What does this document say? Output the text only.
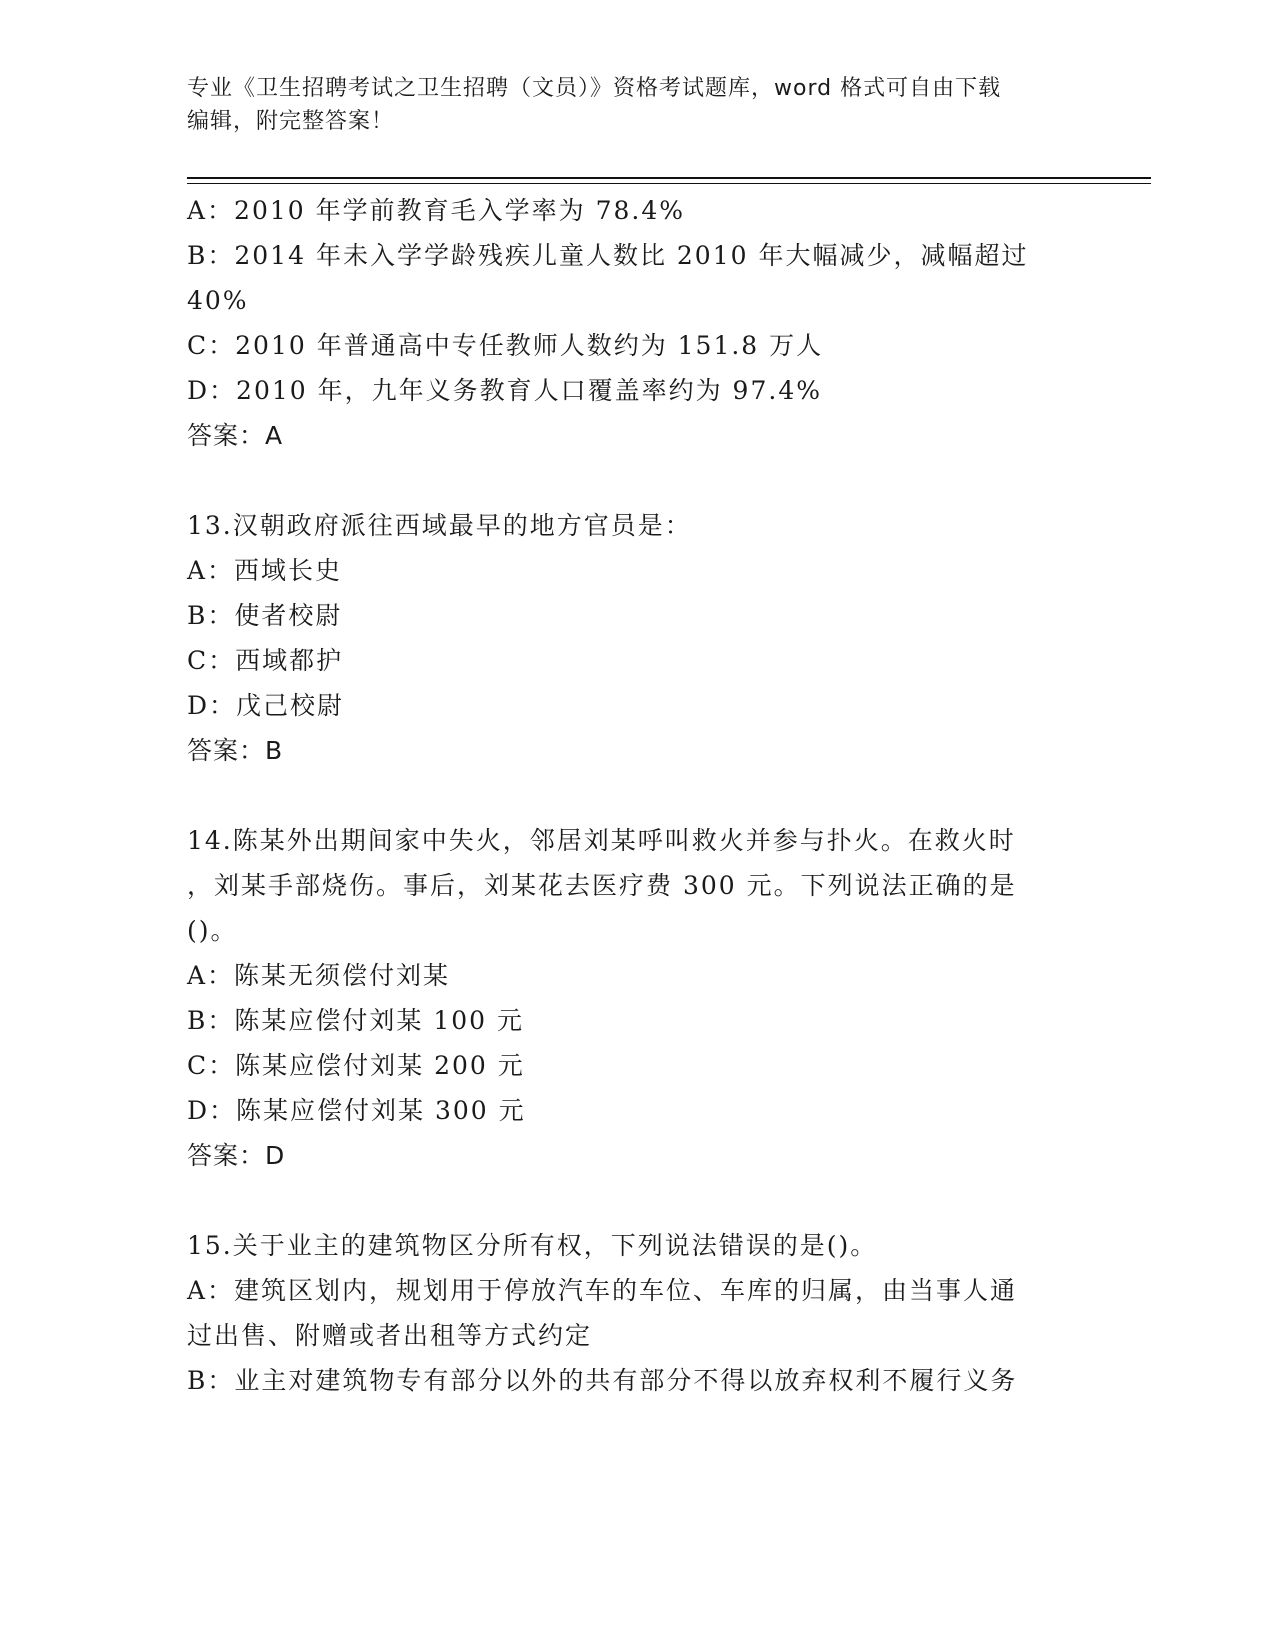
专业《卫生招聘考试之卫生招聘（文员）》资格考试题库，word 格式可自由下载
编辑，附完整答案！
A：2010 年学前教育毛入学率为 78.4%
B：2014 年未入学学龄残疾儿童人数比 2010 年大幅减少，减幅超过
40%
C：2010 年普通高中专任教师人数约为 151.8 万人
D：2010 年，九年义务教育人口覆盖率约为 97.4%
答案：A
13.汉朝政府派往西域最早的地方官员是：
A：西域长史
B：使者校尉
C：西域都护
D：戊己校尉
答案：B
14.陈某外出期间家中失火，邻居刘某呼叫救火并参与扑火。在救火时
，刘某手部烧伤。事后，刘某花去医疗费 300 元。下列说法正确的是
()。
A：陈某无须偿付刘某
B：陈某应偿付刘某 100 元
C：陈某应偿付刘某 200 元
D：陈某应偿付刘某 300 元
答案：D
15.关于业主的建筑物区分所有权，下列说法错误的是()。
A：建筑区划内，规划用于停放汽车的车位、车库的归属，由当事人通
过出售、附赠或者出租等方式约定
B：业主对建筑物专有部分以外的共有部分不得以放弃权利不履行义务
